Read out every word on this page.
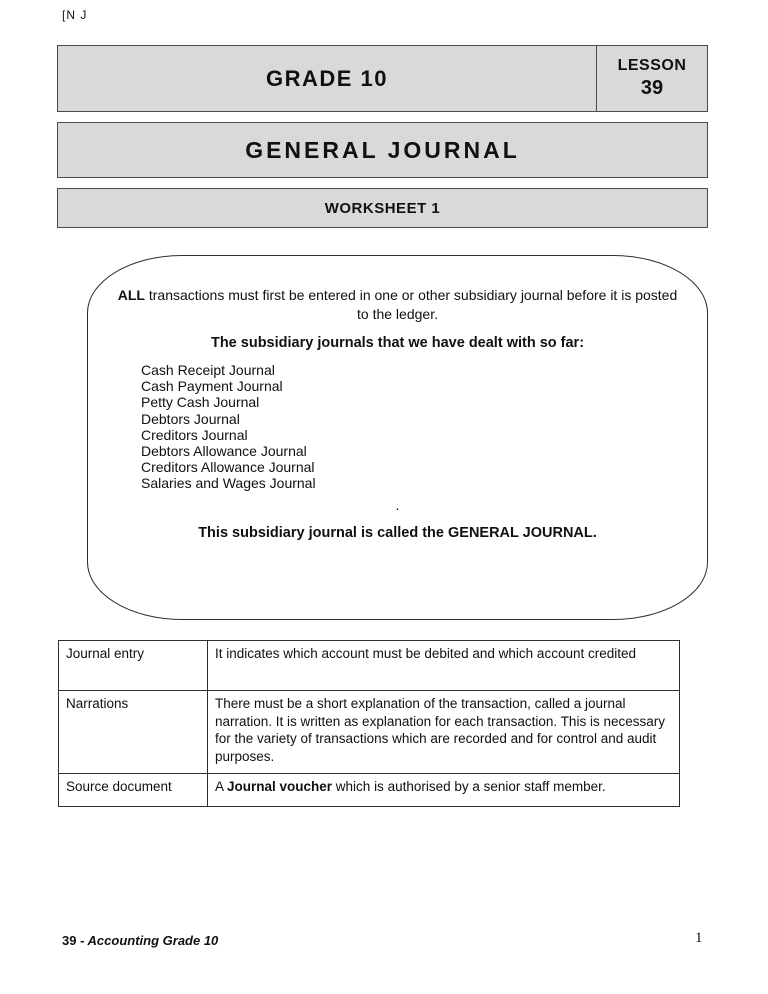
[N J
GRADE 10	LESSON
39
GENERAL JOURNAL
WORKSHEET 1

ALL transactions must first be entered in one or other subsidiary journal before it is posted to the ledger.

The subsidiary journals that we have dealt with so far:

Cash Receipt Journal
Cash Payment Journal
Petty Cash Journal
Debtors Journal
Creditors Journal
Debtors Allowance Journal
Creditors Allowance Journal
Salaries and Wages Journal

.

This subsidiary journal is called the GENERAL JOURNAL.

Journal entry	It indicates which account must be debited and which account credited
Narrations	There must be a short explanation of the transaction, called a journal narration. It is written as explanation for each transaction. This is necessary for the variety of transactions which are recorded and for control and audit purposes.
Source document	A Journal voucher which is authorised by a senior staff member.
39 - Accounting Grade 10	1
